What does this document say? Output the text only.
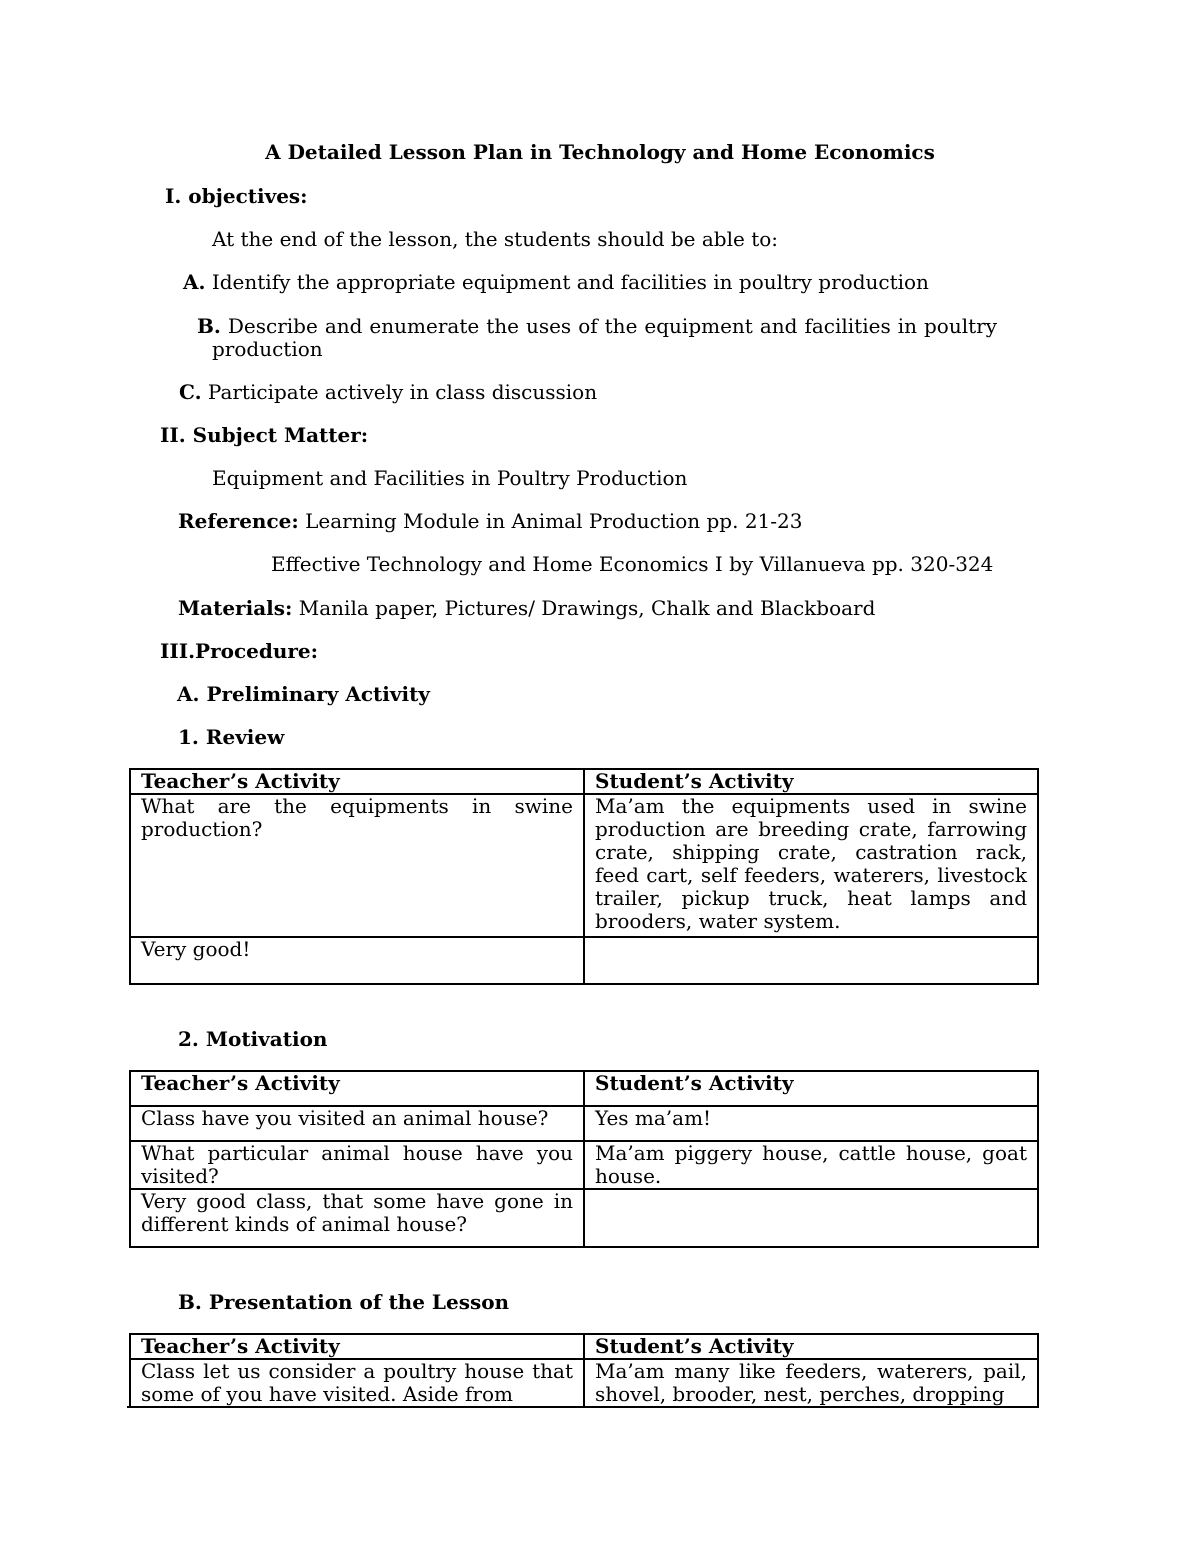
A Detailed Lesson Plan in Technology and Home Economics
I. objectives:
At the end of the lesson, the students should be able to:
A. Identify the appropriate equipment and facilities in poultry production
B. Describe and enumerate the uses of the equipment and facilities in poultry
production
C. Participate actively in class discussion
II. Subject Matter:
Equipment and Facilities in Poultry Production
Reference: Learning Module in Animal Production pp. 21-23
Effective Technology and Home Economics I by Villanueva pp. 320-324
Materials: Manila paper, Pictures/ Drawings, Chalk and Blackboard
III.Procedure:
A. Preliminary Activity
1. Review
Teacher’s Activity	Student’s Activity
What are the equipments in swine production?	Ma’am the equipments used in swine production are breeding crate, farrowing crate, shipping crate, castration rack, feed cart, self feeders, waterers, livestock trailer, pickup truck, heat lamps and brooders, water system.
Very good!	
2. Motivation
Teacher’s Activity	Student’s Activity
Class have you visited an animal house?	Yes ma’am!
What particular animal house have you visited?	Ma’am piggery house, cattle house, goat house.
Very good class, that some have gone in different kinds of animal house?	
B. Presentation of the Lesson
Teacher’s Activity	Student’s Activity
Class let us consider a poultry house that some of you have visited. Aside from	Ma’am many like feeders, waterers, pail, shovel, brooder, nest, perches, dropping
